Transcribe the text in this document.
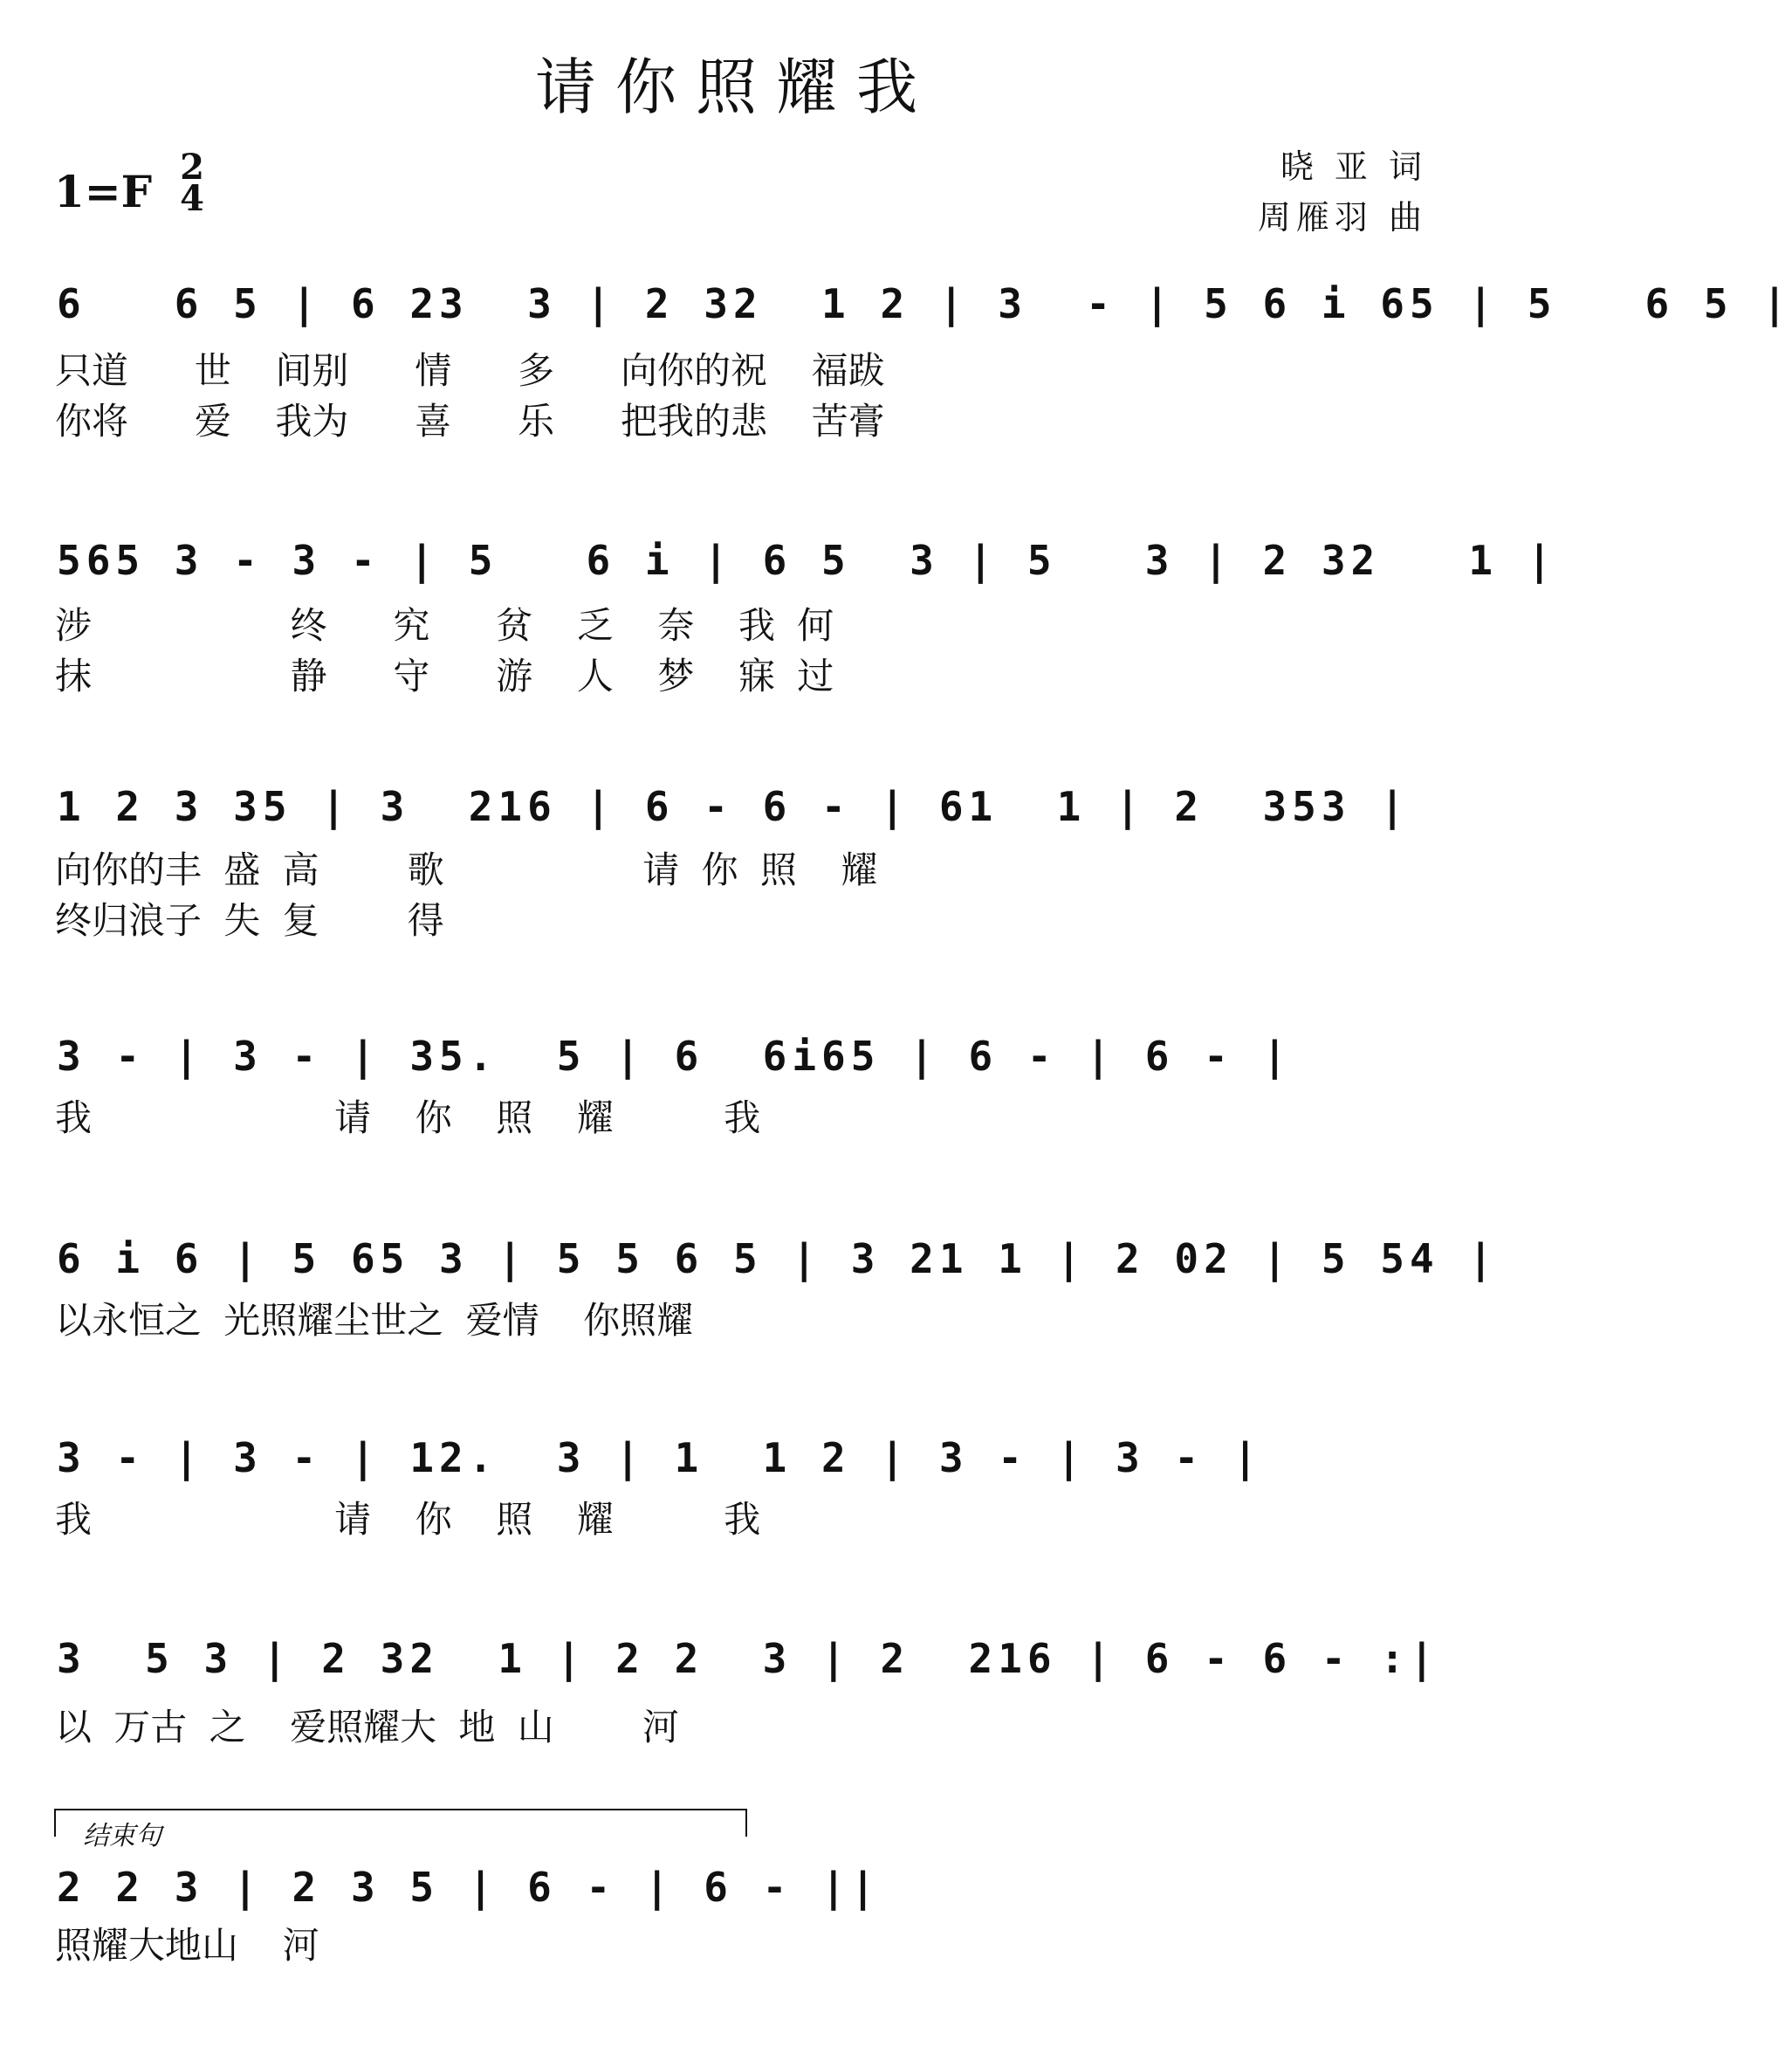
请你照耀我
1=F 2
4
晓 亚 词
周雁羽 曲
6   6 5 | 6 23  3 | 2 32  1 2 | 3  - | 5 6 i 65 | 5   6 5 |
只道   世  间别   情   多   向你的祝  福跋
你将   爱  我为   喜   乐   把我的悲  苦膏
565 3 - 3 - | 5   6 i | 6 5  3 | 5   3 | 2 32   1 |
涉         终   究   贫  乏  奈  我 何
抹         静   守   游  人  梦  寐 过
1 2 3 35 | 3  216 | 6 - 6 - | 61  1 | 2  353 |
向你的丰 盛 高    歌         请 你 照  耀
终归浪子 失 复    得
3 - | 3 - | 35.  5 | 6  6i65 | 6 - | 6 - |
我           请  你  照  耀     我
6 i 6 | 5 65 3 | 5 5 6 5 | 3 21 1 | 2 02 | 5 54 |
以永恒之 光照耀尘世之 爱情  你照耀
3 - | 3 - | 12.  3 | 1  1 2 | 3 - | 3 - |
我           请  你  照  耀     我
3  5 3 | 2 32  1 | 2 2  3 | 2  216 | 6 - 6 - :|
以 万古 之  爱照耀大 地 山    河
结束句
2 2 3 | 2 3 5 | 6 - | 6 - ||
照耀大地山  河
